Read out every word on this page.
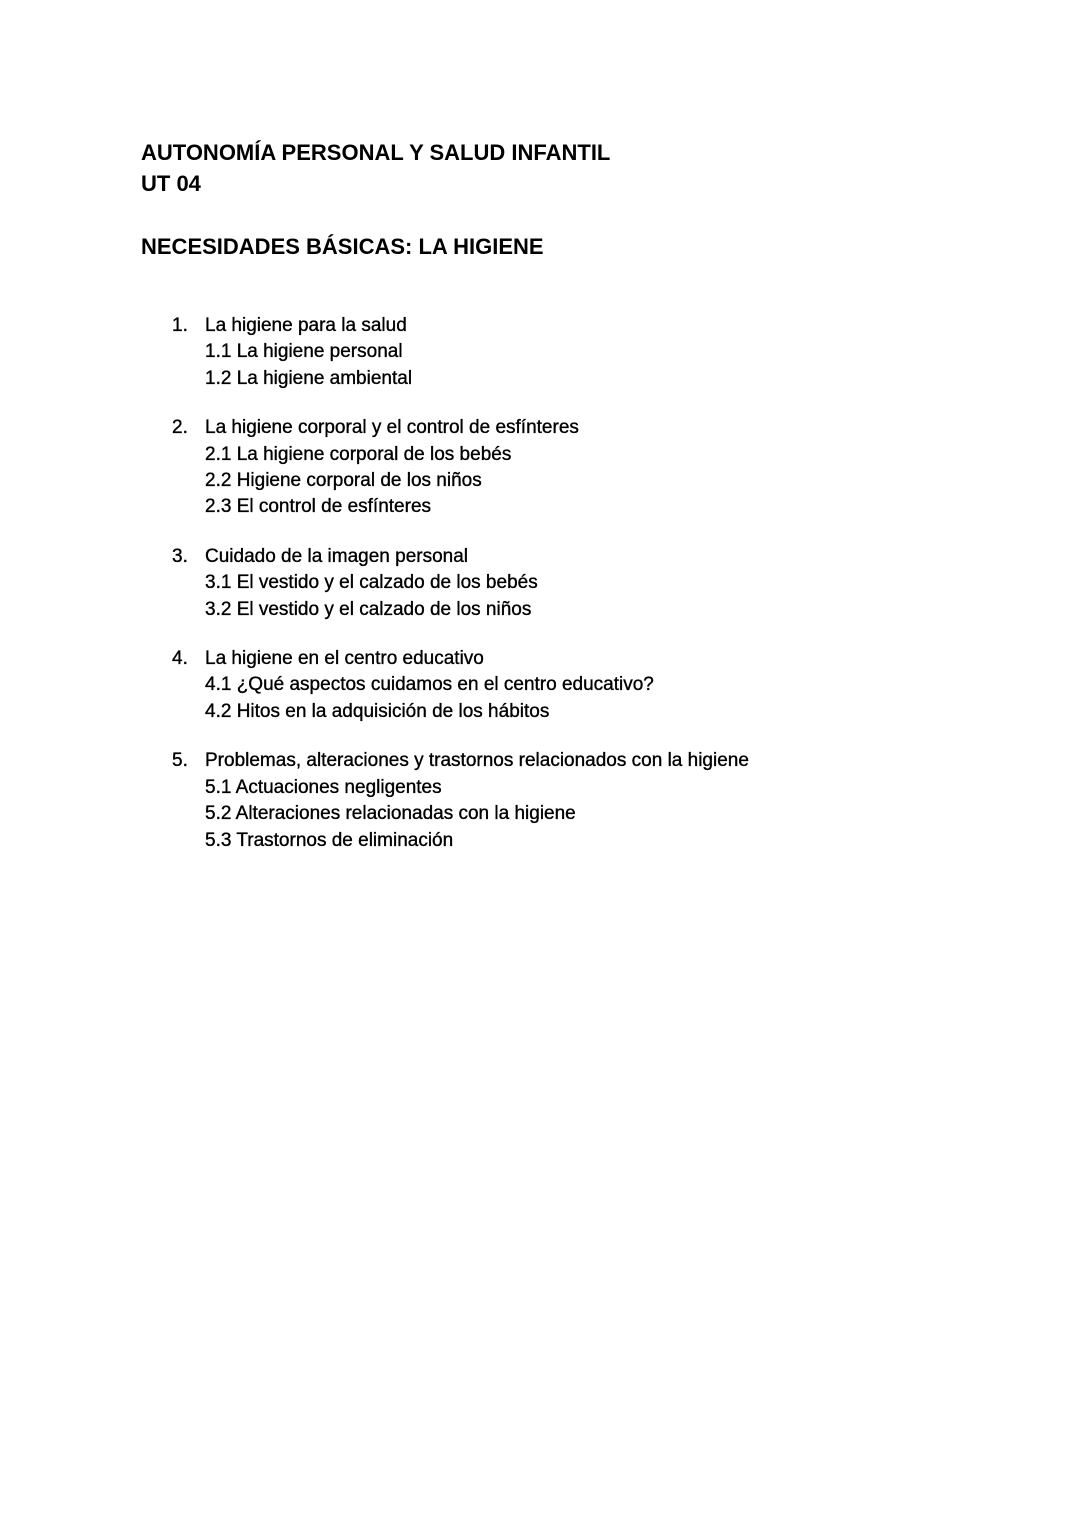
AUTONOMÍA PERSONAL Y SALUD INFANTIL
UT 04
NECESIDADES BÁSICAS: LA HIGIENE
1. La higiene para la salud
1.1 La higiene personal
1.2 La higiene ambiental
2. La higiene corporal y el control de esfínteres
2.1 La higiene corporal de los bebés
2.2 Higiene corporal de los niños
2.3 El control de esfínteres
3. Cuidado de la imagen personal
3.1 El vestido y el calzado de los bebés
3.2 El vestido y el calzado de los niños
4. La higiene en el centro educativo
4.1 ¿Qué aspectos cuidamos en el centro educativo?
4.2 Hitos en la adquisición de los hábitos
5. Problemas, alteraciones y trastornos relacionados con la higiene
5.1 Actuaciones negligentes
5.2 Alteraciones relacionadas con la higiene
5.3 Trastornos de eliminación
